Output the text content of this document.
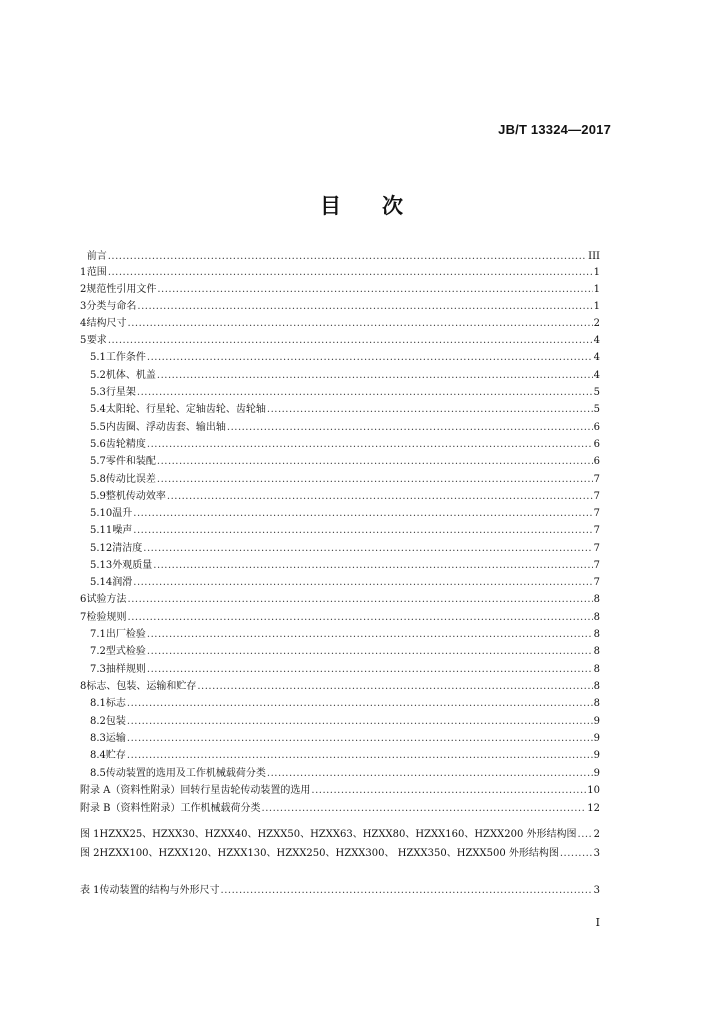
JB/T 13324—2017
目 次
前言 .....	III
1 范围 .....	1
2 规范性引用文件 .....	1
3 分类与命名 .....	1
4 结构尺寸 .....	2
5 要求 .....	4
5.1 工作条件 .....	4
5.2 机体、机盖 .....	4
5.3 行星架 .....	5
5.4 太阳轮、行星轮、定轴齿轮、齿轮轴 .....	5
5.5 内齿圈、浮动齿套、输出轴 .....	6
5.6 齿轮精度 .....	6
5.7 零件和装配 .....	6
5.8 传动比误差 .....	7
5.9 整机传动效率 .....	7
5.10 温升 .....	7
5.11 噪声 .....	7
5.12 清洁度 .....	7
5.13 外观质量 .....	7
5.14 润滑 .....	7
6 试验方法 .....	8
7 检验规则 .....	8
7.1 出厂检验 .....	8
7.2 型式检验 .....	8
7.3 抽样规则 .....	8
8 标志、包装、运输和贮存 .....	8
8.1 标志 .....	8
8.2 包装 .....	9
8.3 运输 .....	9
8.4 贮存 .....	9
8.5 传动装置的选用及工作机械载荷分类 .....	9
附录 A（资料性附录） 回转行星齿轮传动装置的选用 .....	10
附录 B（资料性附录） 工作机械载荷分类 .....	12
图 1 HZXX25、HZXX30、HZXX40、HZXX50、HZXX63、HZXX80、HZXX160、HZXX200 外形结构图 ..... 2
图 2 HZXX100、HZXX120、HZXX130、HZXX250、HZXX300、 HZXX350、HZXX500 外形结构图 .....	3
表 1 传动装置的结构与外形尺寸 .....	3
I
